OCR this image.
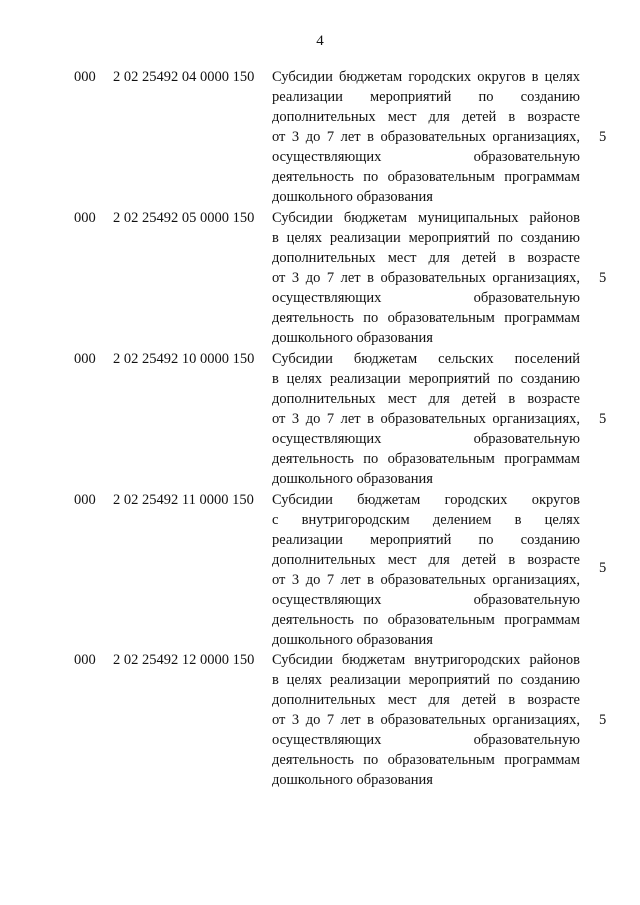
4
000 2 02 25492 04 0000 150 Субсидии бюджетам городских округов в целях
реализации мероприятий по созданию
дополнительных мест для детей в возрасте
от 3 до 7 лет в образовательных организациях,
осуществляющих образовательную
деятельность по образовательным программам
дошкольного образования
5
000 2 02 25492 05 0000 150 Субсидии бюджетам муниципальных районов
в целях реализации мероприятий по созданию
дополнительных мест для детей в возрасте
от 3 до 7 лет в образовательных организациях,
осуществляющих образовательную
деятельность по образовательным программам
дошкольного образования
5
000 2 02 25492 10 0000 150 Субсидии бюджетам сельских поселений
в целях реализации мероприятий по созданию
дополнительных мест для детей в возрасте
от 3 до 7 лет в образовательных организациях,
осуществляющих образовательную
деятельность по образовательным программам
дошкольного образования
5
000 2 02 25492 11 0000 150 Субсидии бюджетам городских округов
с внутригородским делением в целях
реализации мероприятий по созданию
дополнительных мест для детей в возрасте
от 3 до 7 лет в образовательных организациях,
осуществляющих образовательную
деятельность по образовательным программам
дошкольного образования
5
000 2 02 25492 12 0000 150 Субсидии бюджетам внутригородских районов
в целях реализации мероприятий по созданию
дополнительных мест для детей в возрасте
от 3 до 7 лет в образовательных организациях,
осуществляющих образовательную
деятельность по образовательным программам
дошкольного образования
5
